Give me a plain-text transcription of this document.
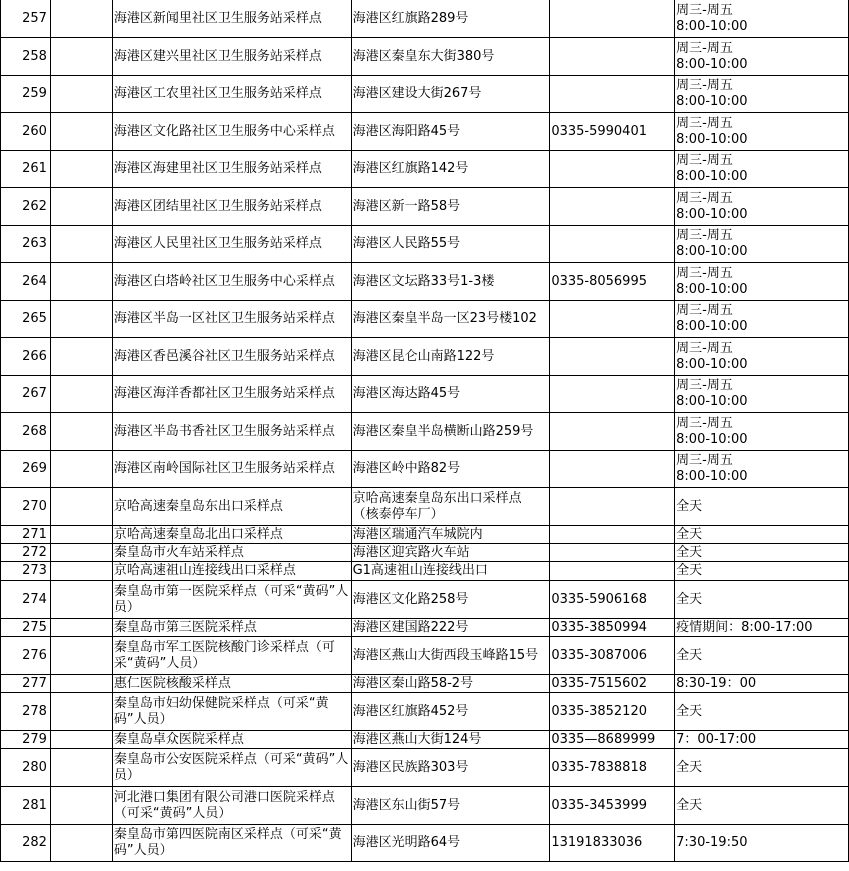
257		海港区新闻里社区卫生服务站采样点	海港区红旗路289号		周三-周五
8:00-10:00
258		海港区建兴里社区卫生服务站采样点	海港区秦皇东大街380号		周三-周五
8:00-10:00
259		海港区工农里社区卫生服务站采样点	海港区建设大街267号		周三-周五
8:00-10:00
260		海港区文化路社区卫生服务中心采样点	海港区海阳路45号	0335-5990401	周三-周五
8:00-10:00
261		海港区海建里社区卫生服务站采样点	海港区红旗路142号		周三-周五
8:00-10:00
262		海港区团结里社区卫生服务站采样点	海港区新一路58号		周三-周五
8:00-10:00
263		海港区人民里社区卫生服务站采样点	海港区人民路55号		周三-周五
8:00-10:00
264		海港区白塔岭社区卫生服务中心采样点	海港区文坛路33号1-3楼	0335-8056995	周三-周五
8:00-10:00
265		海港区半岛一区社区卫生服务站采样点	海港区秦皇半岛一区23号楼102		周三-周五
8:00-10:00
266		海港区香邑溪谷社区卫生服务站采样点	海港区昆仑山南路122号		周三-周五
8:00-10:00
267		海港区海洋香都社区卫生服务站采样点	海港区海达路45号		周三-周五
8:00-10:00
268		海港区半岛书香社区卫生服务站采样点	海港区秦皇半岛横断山路259号		周三-周五
8:00-10:00
269		海港区南岭国际社区卫生服务站采样点	海港区岭中路82号		周三-周五
8:00-10:00
270		京哈高速秦皇岛东出口采样点	京哈高速秦皇岛东出口采样点
（核泰停车厂）		全天
271		京哈高速秦皇岛北出口采样点	海港区瑞通汽车城院内		全天
272		秦皇岛市火车站采样点	海港区迎宾路火车站		全天
273		京哈高速祖山连接线出口采样点	G1高速祖山连接线出口		全天
274		秦皇岛市第一医院采样点（可采“黄码”人员）	海港区文化路258号	0335-5906168	全天
275		秦皇岛市第三医院采样点	海港区建国路222号	0335-3850994	疫情期间：8:00-17:00
276		秦皇岛市军工医院核酸门诊采样点（可采“黄码”人员）	海港区燕山大街西段玉峰路15号	0335-3087006	全天
277		惠仁医院核酸采样点	海港区秦山路58-2号	0335-7515602	8:30-19：00
278		秦皇岛市妇幼保健院采样点（可采“黄码”人员）	海港区红旗路452号	0335-3852120	全天
279		秦皇岛卓众医院采样点	海港区燕山大街124号	0335—8689999	7：00-17:00
280		秦皇岛市公安医院采样点（可采“黄码”人员）	海港区民族路303号	0335-7838818	全天
281		河北港口集团有限公司港口医院采样点（可采“黄码”人员）	海港区东山街57号	0335-3453999	全天
282		秦皇岛市第四医院南区采样点（可采“黄码”人员）	海港区光明路64号	13191833036	7:30-19:50
